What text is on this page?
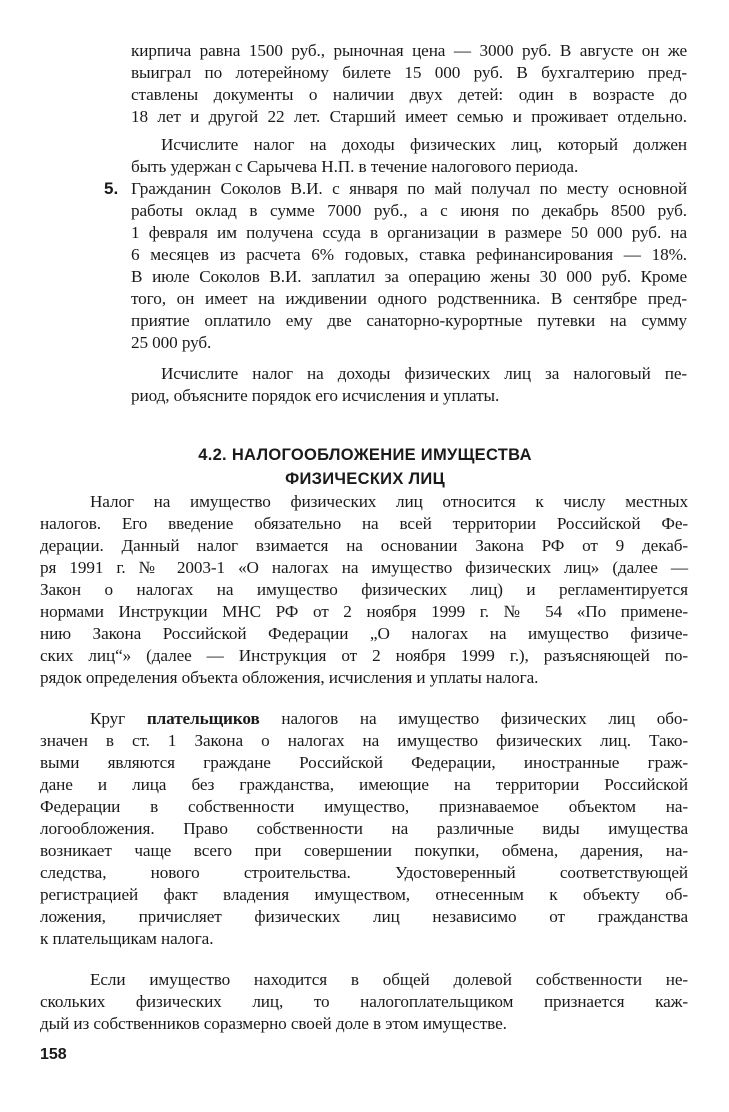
кирпича равна 1500 руб., рыночная цена — 3000 руб. В августе он же
выиграл по лотерейному билете 15 000 руб. В бухгалтерию пред-
ставлены документы о наличии двух детей: один в возрасте до
18 лет и другой 22 лет. Старший имеет семью и проживает отдельно.
Исчислите налог на доходы физических лиц, который должен
быть удержан с Сарычева Н.П. в течение налогового периода.
5. Гражданин Соколов В.И. с января по май получал по месту основной
работы оклад в сумме 7000 руб., а с июня по декабрь 8500 руб.
1 февраля им получена ссуда в организации в размере 50 000 руб. на
6 месяцев из расчета 6% годовых, ставка рефинансирования — 18%.
В июле Соколов В.И. заплатил за операцию жены 30 000 руб. Кроме
того, он имеет на иждивении одного родственника. В сентябре пред-
приятие оплатило ему две санаторно-курортные путевки на сумму
25 000 руб.
Исчислите налог на доходы физических лиц за налоговый пе-
риод, объясните порядок его исчисления и уплаты.
4.2. НАЛОГООБЛОЖЕНИЕ ИМУЩЕСТВА
ФИЗИЧЕСКИХ ЛИЦ
Налог на имущество физических лиц относится к числу местных
налогов. Его введение обязательно на всей территории Российской Фе-
дерации. Данный налог взимается на основании Закона РФ от 9 декаб-
ря 1991 г. № 2003-1 «О налогах на имущество физических лиц» (далее —
Закон о налогах на имущество физических лиц) и регламентируется
нормами Инструкции МНС РФ от 2 ноября 1999 г. № 54 «По примене-
нию Закона Российской Федерации „О налогах на имущество физиче-
ских лиц“» (далее — Инструкция от 2 ноября 1999 г.), разъясняющей по-
рядок определения объекта обложения, исчисления и уплаты налога.
Круг плательщиков налогов на имущество физических лиц обо-
значен в ст. 1 Закона о налогах на имущество физических лиц. Тако-
выми являются граждане Российской Федерации, иностранные граж-
дане и лица без гражданства, имеющие на территории Российской
Федерации в собственности имущество, признаваемое объектом на-
логообложения. Право собственности на различные виды имущества
возникает чаще всего при совершении покупки, обмена, дарения, на-
следства, нового строительства. Удостоверенный соответствующей
регистрацией факт владения имуществом, отнесенным к объекту об-
ложения, причисляет физических лиц независимо от гражданства
к плательщикам налога.
Если имущество находится в общей долевой собственности не-
скольких физических лиц, то налогоплательщиком признается каж-
дый из собственников соразмерно своей доле в этом имуществе.
158
